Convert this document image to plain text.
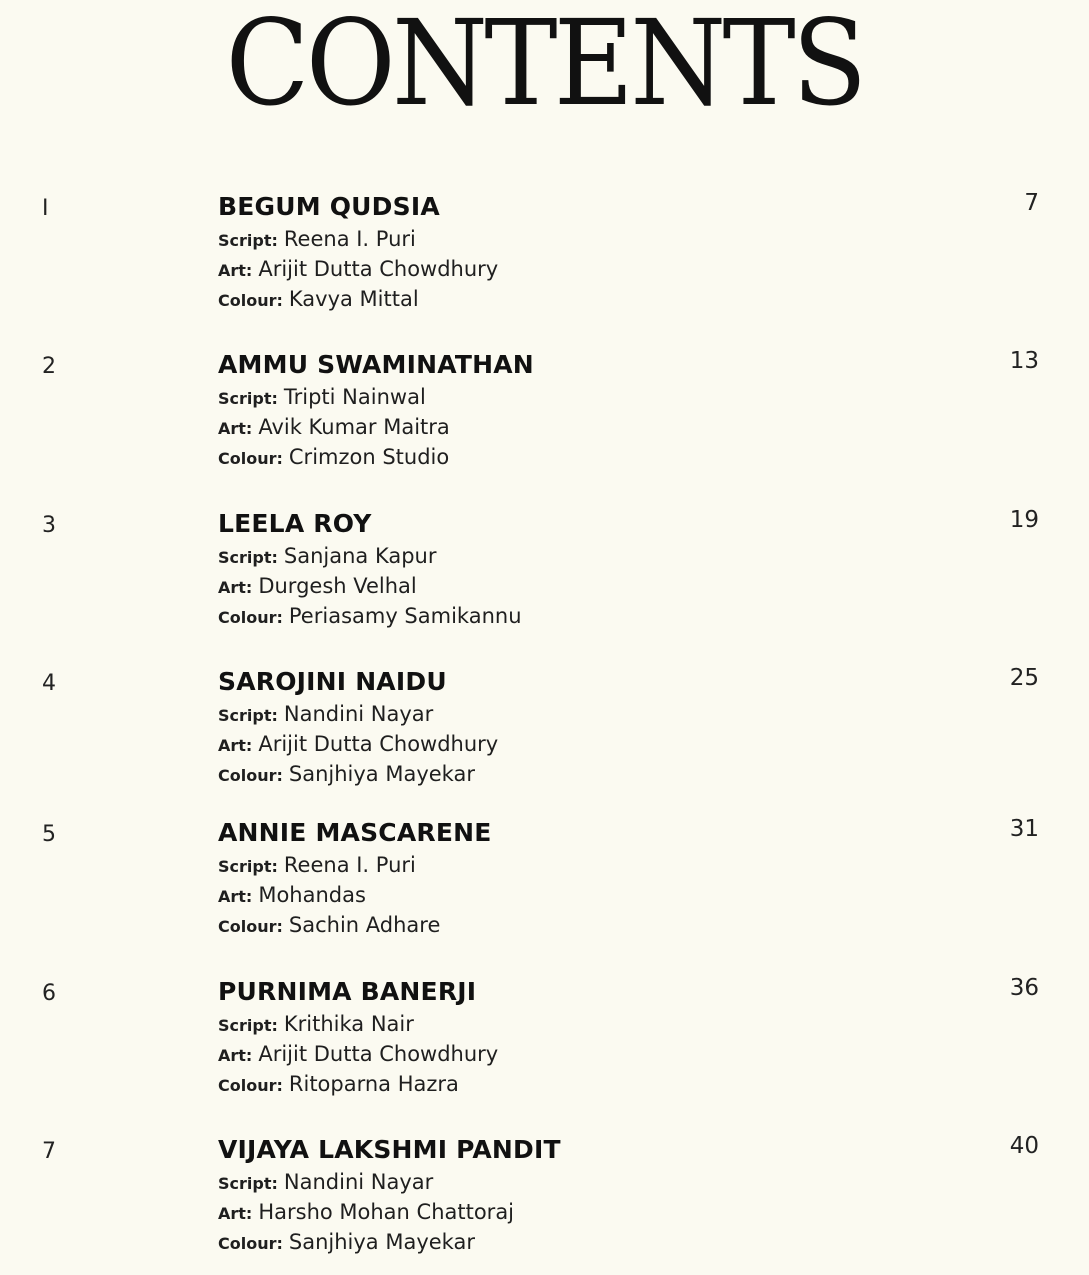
CONTENTS
I	BEGUM QUDSIA	7
Script: Reena I. Puri
Art: Arijit Dutta Chowdhury
Colour: Kavya Mittal
2	AMMU SWAMINATHAN	13
Script: Tripti Nainwal
Art: Avik Kumar Maitra
Colour: Crimzon Studio
3	LEELA ROY	19
Script: Sanjana Kapur
Art: Durgesh Velhal
Colour: Periasamy Samikannu
4	SAROJINI NAIDU	25
Script: Nandini Nayar
Art: Arijit Dutta Chowdhury
Colour: Sanjhiya Mayekar
5	ANNIE MASCARENE	31
Script: Reena I. Puri
Art: Mohandas
Colour: Sachin Adhare
6	PURNIMA BANERJI	36
Script: Krithika Nair
Art: Arijit Dutta Chowdhury
Colour: Ritoparna Hazra
7	VIJAYA LAKSHMI PANDIT	40
Script: Nandini Nayar
Art: Harsho Mohan Chattoraj
Colour: Sanjhiya Mayekar
